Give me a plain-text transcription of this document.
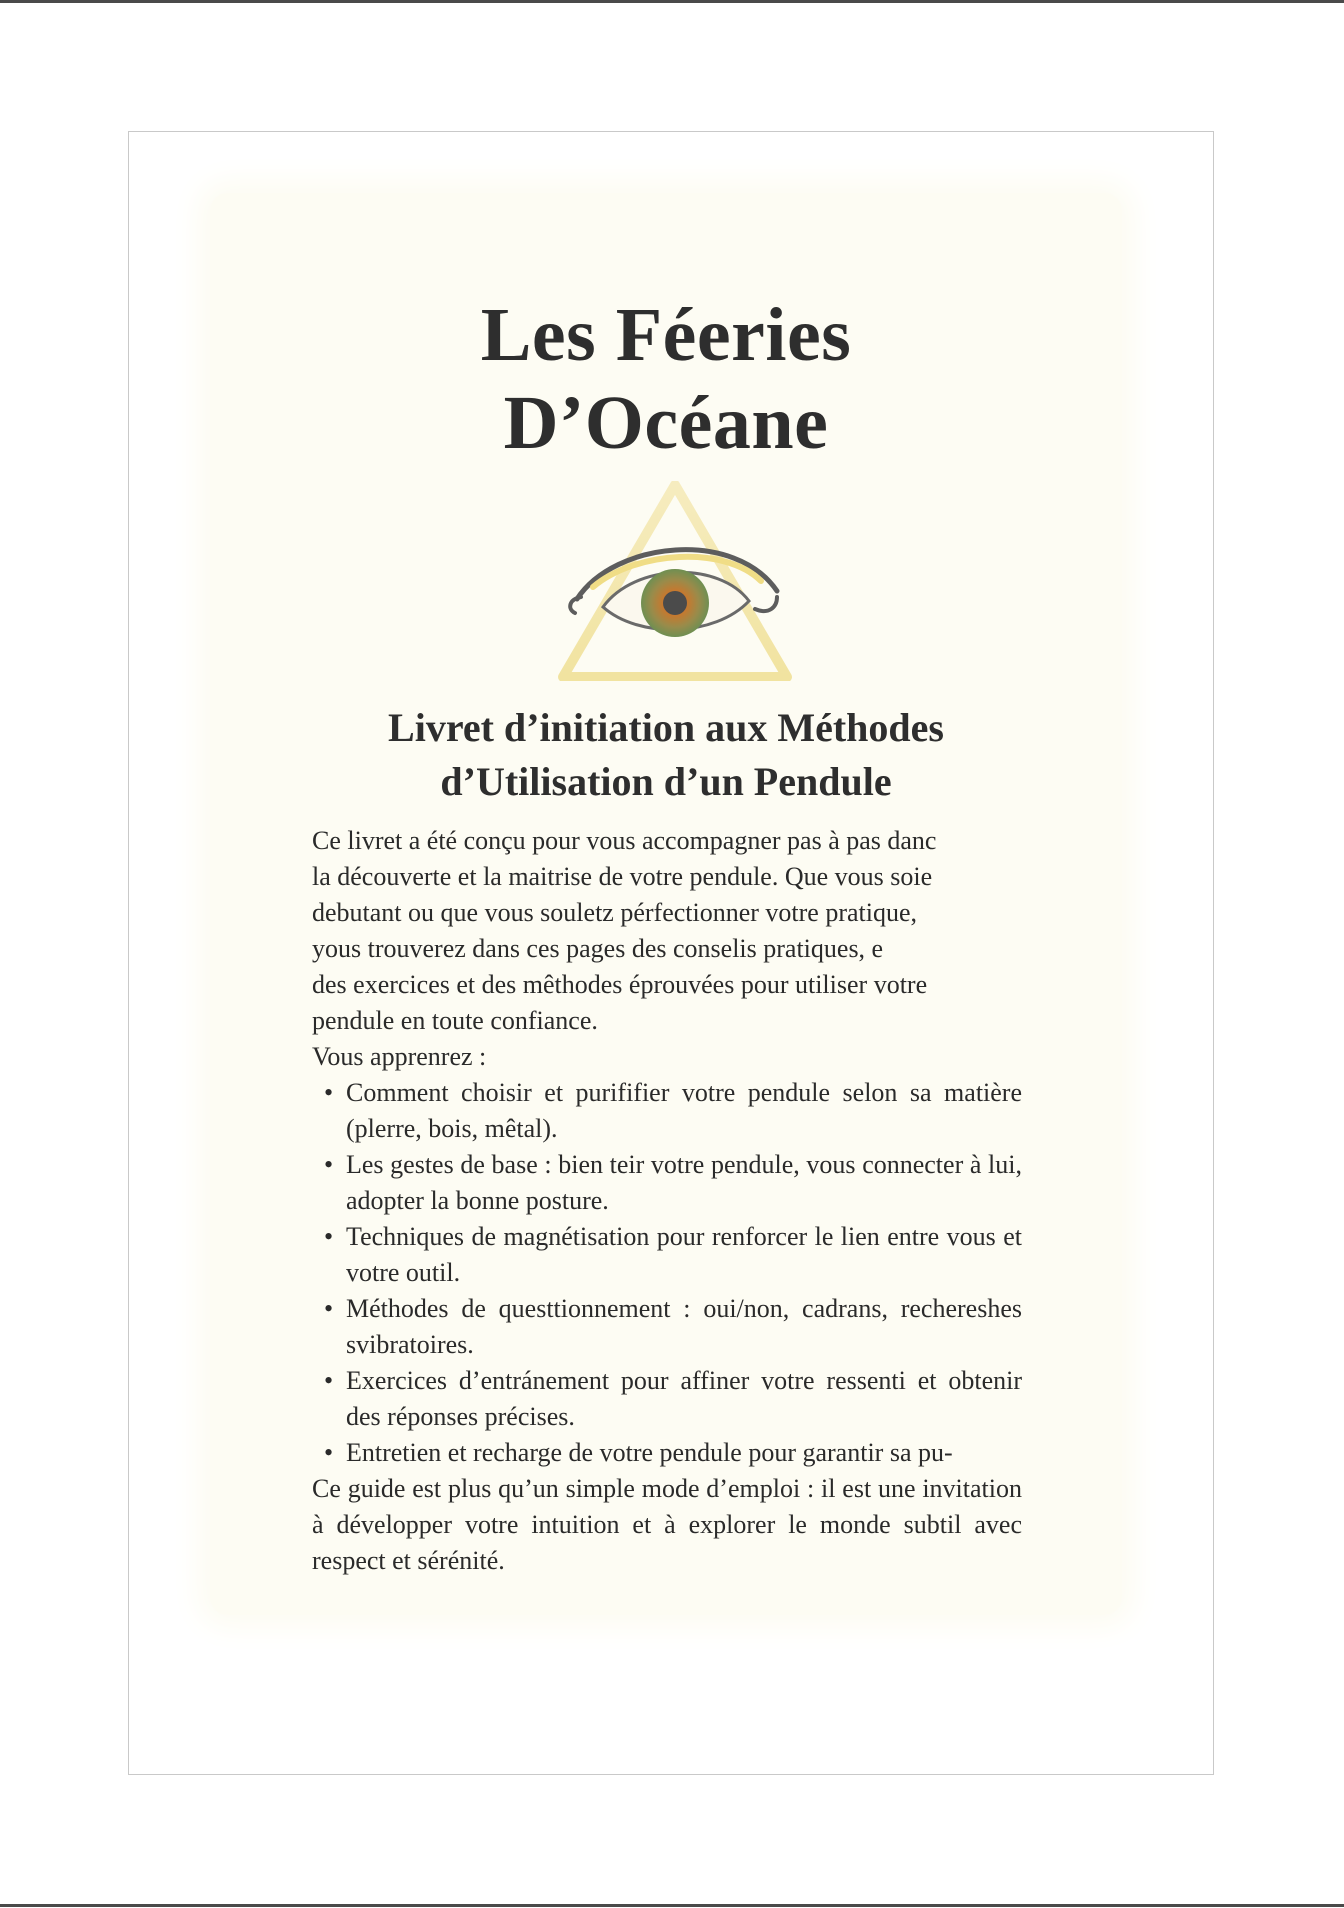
Les Féeries
D’Océane
Livret d’initiation aux Méthodes
d’Utilisation d’un Pendule

Ce livret a été conçu pour vous accompagner pas à pas danc
la découverte et la maitrise de votre pendule. Que vous soie
debutant ou que vous souletz pérfectionner votre pratique,
yous trouverez dans ces pages des conselis pratiques, e
des exercices et des mêthodes éprouvées pour utiliser votre
pendule en toute confiance.

Vous apprenrez :

• Comment choisir et purififier votre pendule selon sa matière (plerre, bois, mêtal).
• Les gestes de base : bien teir votre pendule, vous connecter à lui, adopter la bonne posture.
• Techniques de magnétisation pour renforcer le lien entre vous et votre outil.
• Méthodes de questtionnement : oui/non, cadrans, rechereshes svibratoires.
• Exercices d’entránement pour affiner votre ressenti et obtenir des réponses précises.
• Entretien et recharge de votre pendule pour garantir sa pu-

Ce guide est plus qu’un simple mode d’emploi : il est une invitation à développer votre intuition et à explorer le monde subtil avec respect et sérénité.
